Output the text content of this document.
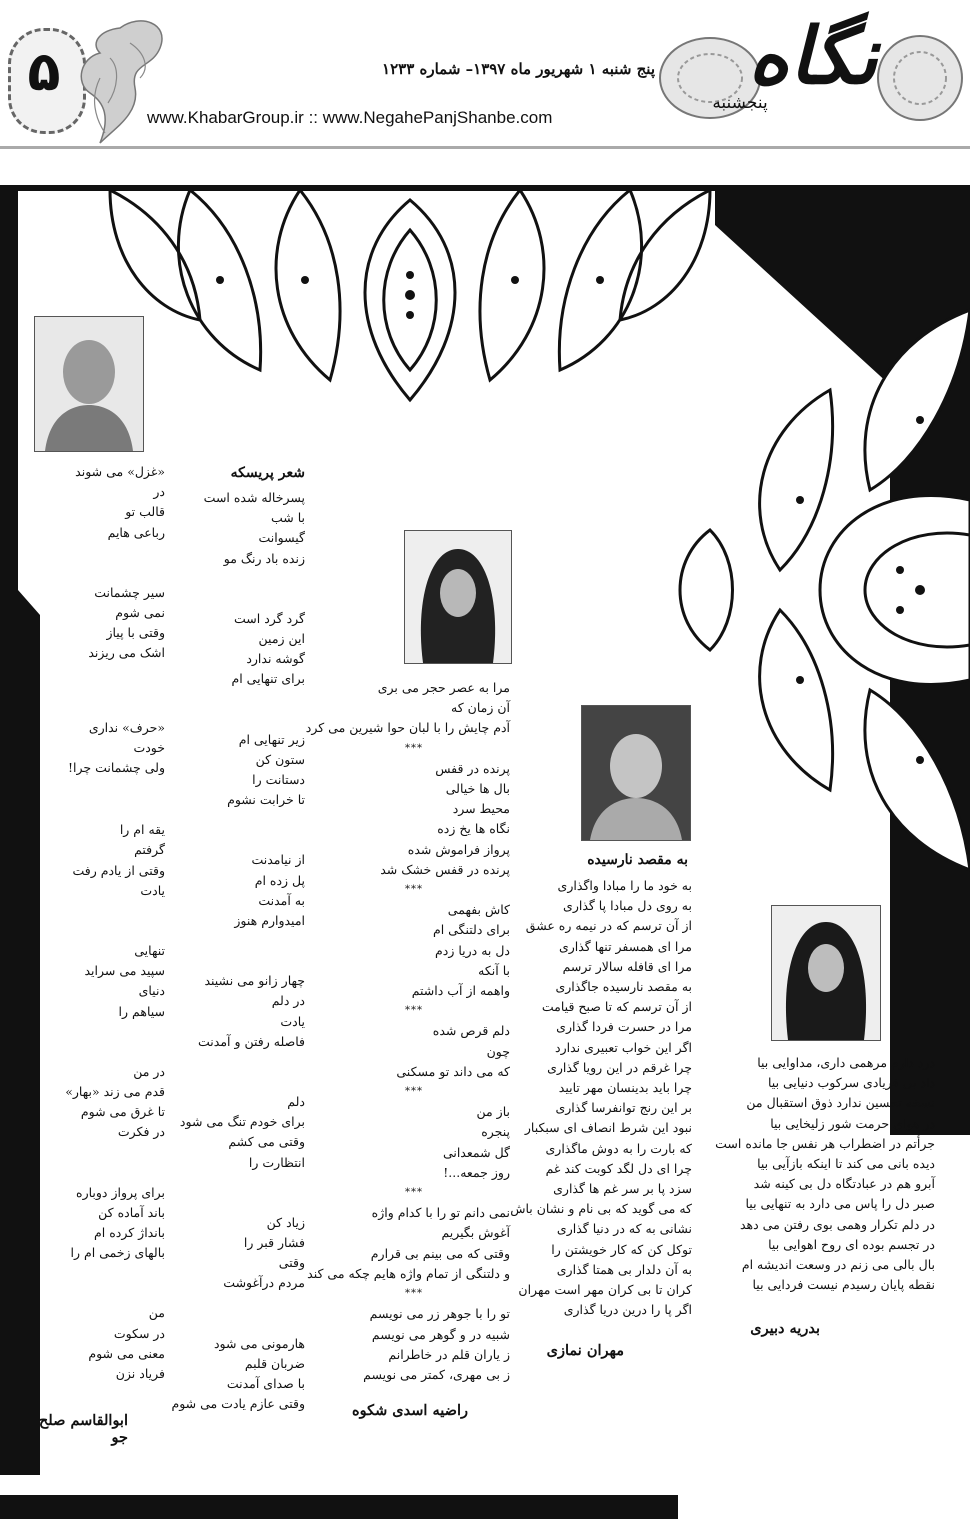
۵	پنج شنبه ۱ شهریور ماه ۱۳۹۷– شماره ۱۲۳۳
www.KhabarGroup.ir :: www.NegahePanjShanbe.com
نگاه
پنجشنبه
درد دارم مرهمی داری، مداوایی بیا
داد بی فریادی سرکوب دنیایی بیا
نسخه تحسین ندارد ذوق استقبال من
در هوای حرمت شور زلیخایی بیا
جرأتم در اضطراب هر نفس جا مانده است
دیده بانی می کند تا اینکه بازآیی بیا
آبرو هم در عبادتگاه دل بی کینه شد
صبر دل را پاس می دارد به تنهایی بیا
در دلم تکرار وهمی بوی رفتن می دهد
در تجسم بوده ای روح اهوایی بیا
بال بالی می زنم در وسعت اندیشه ام
نقطه پایان رسیدم نیست فردایی بیا
بدریه دبیری
به مقصد نارسیده
به خود ما را مبادا واگذاری
به روی دل مبادا پا گذاری
از آن ترسم که در نیمه ره عشق
مرا ای همسفر تنها گذاری
مرا ای قافله سالار ترسم
به مقصد نارسیده جاگذاری
از آن ترسم که تا صبح قیامت
مرا در حسرت فردا گذاری
اگر این خواب تعبیری ندارد
چرا غرقم در این رویا گذاری
چرا باید بدینسان مهر تایید
بر این رنج توانفرسا گذاری
نبود این شرط انصاف ای سبکبار
که بارت را به دوش ماگذاری
چرا ای دل لگد کوبت کند غم
سزد پا بر سر غم ها گذاری
که می گوید که بی نام و نشان باش
نشانی به که در دنیا گذاری
توکل کن که کار خویشتن را
به آن دلدار بی همتا گذاری
کران تا بی کران مهر است مهران
اگر پا را درین دریا گذاری
مهران نمازی
مرا به عصر حجر می بری
آن زمان که
آدم چایش را با لبان حوا شیرین می کرد
***
پرنده در قفس
بال ها خیالی
محیط سرد
نگاه ها یخ زده
پرواز فراموش شده
پرنده در قفس خشک شد
***
کاش بفهمی
برای دلتنگی ام
دل به دریا زدم
با آنکه
واهمه از آب داشتم
***
دلم قرص شده
چون
که می داند تو مسکنی
***
باز من
پنجره
گل شمعدانی
روز جمعه...!
***
نمی دانم تو را با کدام واژه
آغوش بگیریم
وقتی که می بینم بی قرارم
و دلتنگی از تمام واژه هایم چکه می کند
***
تو را با جوهر زر می نویسم
شبیه در و گوهر می نویسم
ز یاران قلم در خاطرانم
ز بی مهری، کمتر می نویسم
راضیه اسدی شکوه
شعر پریسکه
پسرخاله شده است
با شب
گیسوانت
زنده باد رنگ مو
گرد گرد است
این زمین
گوشه ندارد
برای تنهایی ام
زیر تنهایی ام
ستون کن
دستانت را
تا خرابت نشوم
از نیامدنت
پل زده ام
به آمدنت
امیدوارم هنوز
چهار زانو می نشیند
در دلم
یادت
فاصله رفتن و آمدنت
دلم
برای خودم تنگ می شود
وقتی می کشم
انتظارت را
زیاد کن
فشار قبر را
وقتی
مردم درآغوشت
هارمونی می شود
ضربان قلبم
با صدای آمدنت
وقتی عازم یادت می شوم
«غزل» می شوند
در
قالب تو
رباعی هایم
سیر چشمانت
نمی شوم
وقتی با پیاز
اشک می ریزند
«حرف» نداری
خودت
ولی چشمانت چرا!
یقه ام را
گرفتم
وقتی از یادم رفت
یادت
تنهایی
سپید می سراید
دنیای
سیاهم را
در من
قدم می زند «بهار»
تا غرق می شوم
در فکرت
برای پرواز دوباره
باند آماده کن
بانداژ کرده ام
بالهای زخمی ام را
من
در سکوت
معنی می شوم
فریاد نزن
ابوالقاسم صلح جو
